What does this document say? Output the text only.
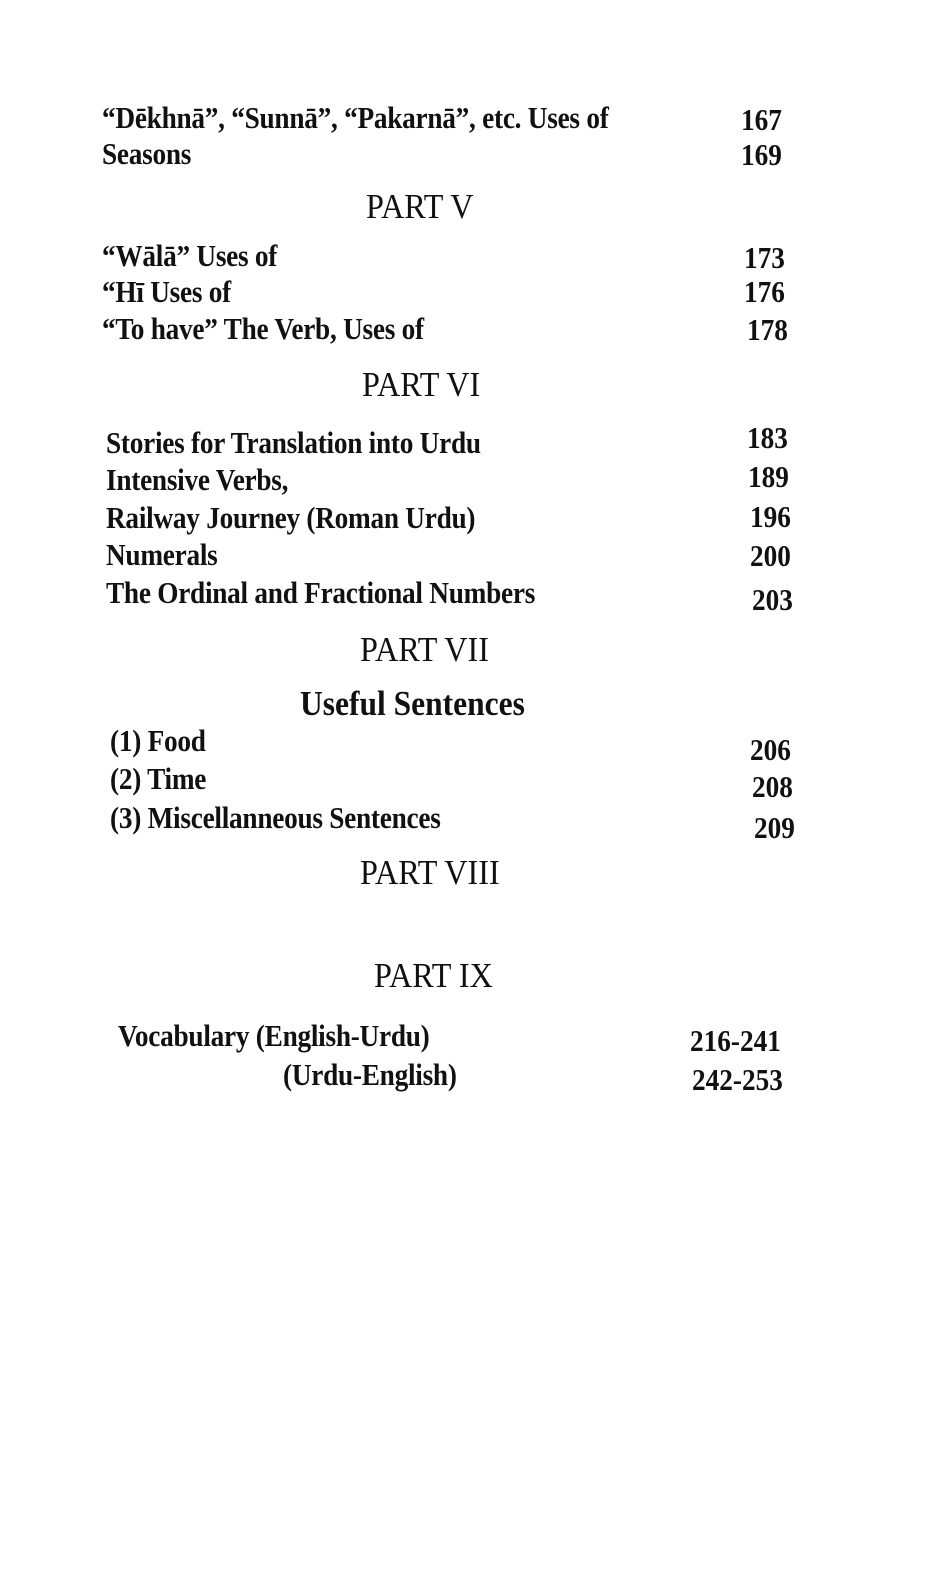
“Dēkhnā”, “Sunnā”, “Pakarnā”, etc. Uses of	167
Seasons	169
PART V
“Wālā” Uses of	173
“Hī Uses of	176
“To have” The Verb, Uses of	178
PART VI
Stories for Translation into Urdu	183
Intensive Verbs,	189
Railway Journey (Roman Urdu)	196
Numerals	200
The Ordinal and Fractional Numbers	203
PART VII
Useful Sentences
(1) Food	206
(2) Time	208
(3) Miscellanneous Sentences	209
PART VIII
PART IX
Vocabulary (English-Urdu)	216-241
(Urdu-English)	242-253
